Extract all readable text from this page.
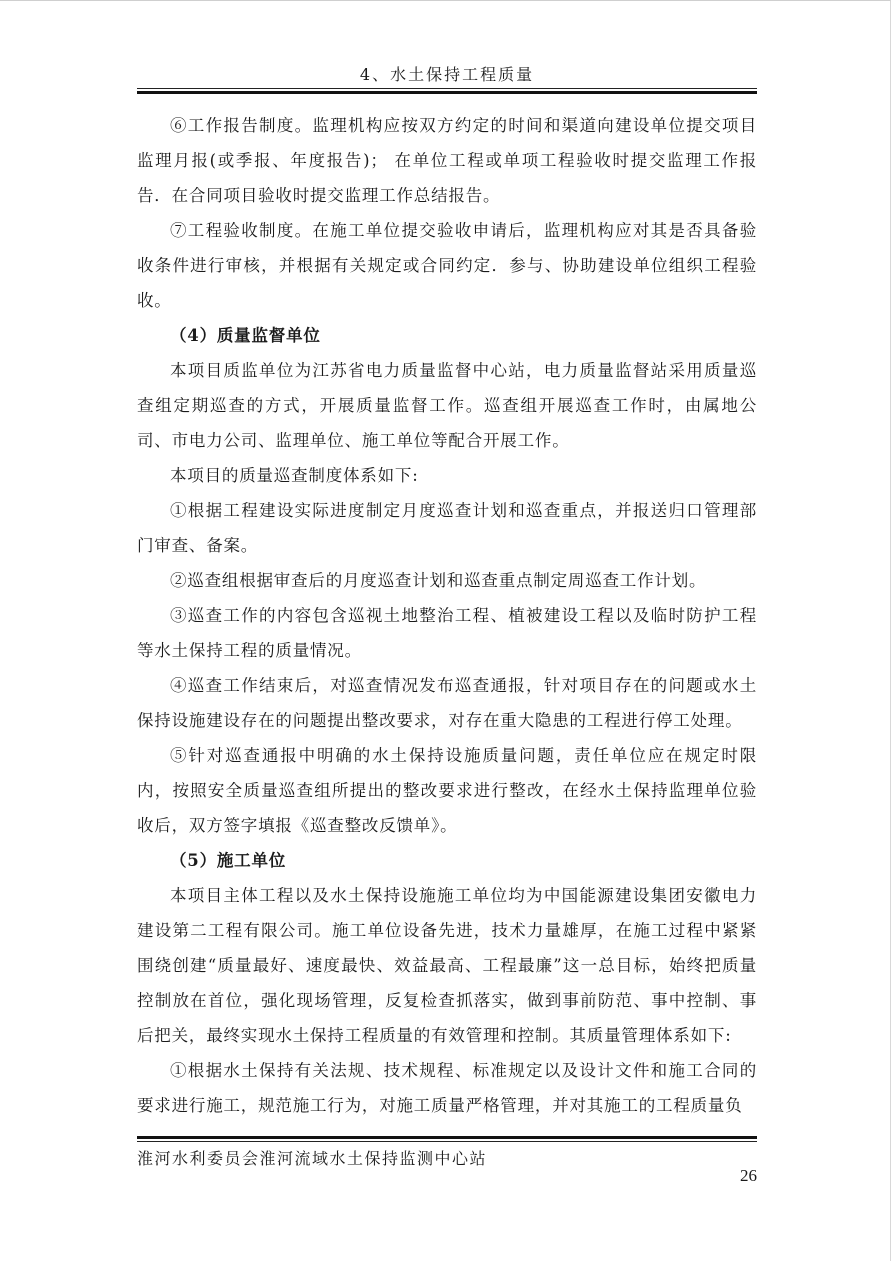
4、水土保持工程质量

⑥工作报告制度。监理机构应按双方约定的时间和渠道向建设单位提交项目监理月报(或季报、年度报告)； 在单位工程或单项工程验收时提交监理工作报告．在合同项目验收时提交监理工作总结报告。

⑦工程验收制度。在施工单位提交验收申请后，监理机构应对其是否具备验收条件进行审核，并根据有关规定或合同约定．参与、协助建设单位组织工程验收。

（4）质量监督单位

本项目质监单位为江苏省电力质量监督中心站，电力质量监督站采用质量巡查组定期巡查的方式，开展质量监督工作。巡查组开展巡查工作时，由属地公司、市电力公司、监理单位、施工单位等配合开展工作。

本项目的质量巡查制度体系如下:

①根据工程建设实际进度制定月度巡查计划和巡查重点，并报送归口管理部门审查、备案。

②巡查组根据审查后的月度巡查计划和巡查重点制定周巡查工作计划。

③巡查工作的内容包含巡视土地整治工程、植被建设工程以及临时防护工程等水土保持工程的质量情况。

④巡查工作结束后，对巡查情况发布巡查通报，针对项目存在的问题或水土保持设施建设存在的问题提出整改要求，对存在重大隐患的工程进行停工处理。

⑤针对巡查通报中明确的水土保持设施质量问题，责任单位应在规定时限内，按照安全质量巡查组所提出的整改要求进行整改，在经水土保持监理单位验收后，双方签字填报《巡查整改反馈单》。

（5）施工单位

本项目主体工程以及水土保持设施施工单位均为中国能源建设集团安徽电力建设第二工程有限公司。施工单位设备先进，技术力量雄厚，在施工过程中紧紧围绕创建“质量最好、速度最快、效益最高、工程最廉”这一总目标，始终把质量控制放在首位，强化现场管理，反复检查抓落实，做到事前防范、事中控制、事后把关，最终实现水土保持工程质量的有效管理和控制。其质量管理体系如下:

①根据水土保持有关法规、技术规程、标准规定以及设计文件和施工合同的要求进行施工，规范施工行为，对施工质量严格管理，并对其施工的工程质量负

淮河水利委员会淮河流域水土保持监测中心站
26
